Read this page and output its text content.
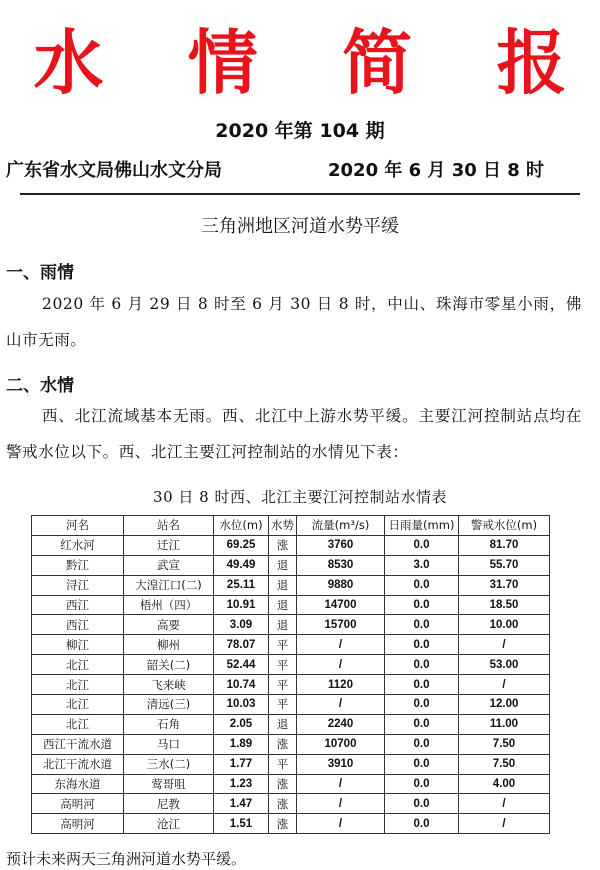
水 情 简 报
2020 年第 104 期
广东省水文局佛山水文分局	2020 年 6 月 30 日 8 时
三角洲地区河道水势平缓
一、雨情
2020 年 6 月 29 日 8 时至 6 月 30 日 8 时，中山、珠海市零星小雨，佛山市无雨。
二、水情
西、北江流域基本无雨。西、北江中上游水势平缓。主要江河控制站点均在警戒水位以下。西、北江主要江河控制站的水情见下表：
30 日 8 时西、北江主要江河控制站水情表
河名	站名	水位(m)	水势	流量(m³/s)	日雨量(mm)	警戒水位(m)
红水河	迁江	69.25	涨	3760	0.0	81.70
黔江	武宣	49.49	退	8530	3.0	55.70
浔江	大湟江口(二)	25.11	退	9880	0.0	31.70
西江	梧州（四）	10.91	退	14700	0.0	18.50
西江	高要	3.09	退	15700	0.0	10.00
柳江	柳州	78.07	平	/	0.0	/
北江	韶关(二)	52.44	平	/	0.0	53.00
北江	飞来峡	10.74	平	1120	0.0	/
北江	清远(三)	10.03	平	/	0.0	12.00
北江	石角	2.05	退	2240	0.0	11.00
西江干流水道	马口	1.89	涨	10700	0.0	7.50
北江干流水道	三水(二)	1.77	平	3910	0.0	7.50
东海水道	莺哥咀	1.23	涨	/	0.0	4.00
高明河	尼教	1.47	涨	/	0.0	/
高明河	沧江	1.51	涨	/	0.0	/
预计未来两天三角洲河道水势平缓。
